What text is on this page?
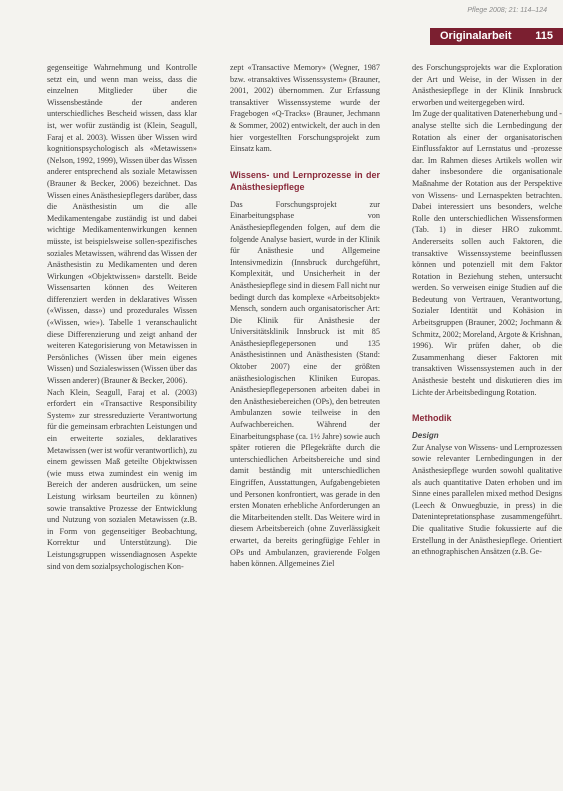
Pflege 2008; 21: 114–124
Originalarbeit 115

gegenseitige Wahrnehmung und Kontrolle setzt ein, und wenn man weiss, dass die einzelnen Mitglieder über die Wissensbestände der anderen unterschiedliches Bescheid wissen, dass klar ist, wer wofür zuständig ist (Klein, Seagull, Faraj et al. 2003). Wissen über Wissen wird kognitionspsychologisch als «Metawissen» (Nelson, 1992, 1999), Wissen über das Wissen anderer entsprechend als soziale Metawissen (Brauner & Becker, 2006) bezeichnet. Das Wissen eines Anästhesiepflegers darüber, dass die Anästhesistin um die alle Medikamentengabe zuständig ist und dabei wichtige Medikamentenwirkungen kennen müsste, ist beispielsweise sollen-spezifisches soziales Metawissen, während das Wissen der Anästhesistin zu Medikamenten und deren Wirkungen «Objektwissen» darstellt. Beide Wissensarten können des Weiteren differenziert werden in deklaratives Wissen («Wissen, dass») und prozedurales Wissen («Wissen, wie»). Tabelle 1 veranschaulicht diese Differenzierung und zeigt anhand der weiteren Kategorisierung von Metawissen in Persönliches (Wissen über mein eigenes Wissen) und Sozialeswissen (Wissen über das Wissen anderer) (Brauner & Becker, 2006).

Nach Klein, Seagull, Faraj et al. (2003) erfordert ein «Transactive Responsibility System» zur stressreduzierte Verantwortung für die gemeinsam erbrachten Leistungen und ein erweiterte soziales, deklaratives Metawissen (wer ist wofür verantwortlich), zu einem gewissen Maß geteilte Objektwissen (wie muss etwa zumindest ein wenig im Bereich der anderen ausdrücken, um seine Leistung wirksam beurteilen zu können) sowie transaktive Prozesse der Entwicklung und Nutzung von sozialen Metawissen (z.B. in Form von gegenseitiger Beobachtung, Korrektur und Unterstützung). Die Leistungsgruppen wissendiagnosen Aspekte sind von dem sozialpsychologischen Kon-

zept «Transactive Memory» (Wegner, 1987 bzw. «transaktives Wissenssystem» (Brauner, 2001, 2002) übernommen. Zur Erfassung transaktiver Wissenssysteme wurde der Fragebogen «Q-Tracks» (Brauner, Jechmann & Sommer, 2002) entwickelt, der auch in den hier vorgestellten Forschungsprojekt zum Einsatz kam.

Wissens- und Lernprozesse in der Anästhesiepflege

Das Forschungsprojekt zur Einarbeitungsphase von Anästhesiepflegenden folgen, auf dem die folgende Analyse basiert, wurde in der Klinik für Anästhesie und Allgemeine Intensivmedizin (Innsbruck durchgeführt, Komplexität, und Unsicherheit in der Anästhesiepflege sind in diesem Fall nicht nur bedingt durch das komplexe «Arbeitsobjekt» Mensch, sondern auch organisatorischer Art: Die Klinik für Anästhesie der Universitätsklinik Innsbruck ist mit 85 Anästhesiepflegepersonen und 135 Anästhesistinnen und Anästhesisten (Stand: Oktober 2007) eine der größten anästhesiologischen Kliniken Europas. Anästhesiepflegepersonen arbeiten dabei in den Anästhesiebereichen (OPs), den betreuten Ambulanzen sowie teilweise in den Aufwachbereichen. Während der Einarbeitungsphase (ca. 1½ Jahre) sowie auch später rotieren die Pflegekräfte durch die unterschiedlichen Arbeitsbereiche und sind damit beständig mit unterschiedlichen Eingriffen, Ausstattungen, Aufgabengebieten und Personen konfrontiert, was gerade in den ersten Monaten erhebliche Anforderungen an die Mitarbeitenden stellt. Das Weitere wird in diesem Arbeitsbereich (ohne Zuverlässigkeit erwartet, da bereits geringfügige Fehler in OPs und Ambulanzen, gravierende Folgen haben können. Allgemeines Ziel

des Forschungsprojekts war die Exploration der Art und Weise, in der Wissen in der Anästhesiepflege in der Klinik Innsbruck erworben und weitergegeben wird.

Im Zuge der qualitativen Datenerhebung und -analyse stellte sich die Lernbedingung der Rotation als einer der organisatorischen Einflussfaktor auf Lernstatus und -prozesse dar. Im Rahmen dieses Artikels wollen wir daher insbesondere die organisationale Maßnahme der Rotation aus der Perspektive von Wissens- und Lernaspekten betrachten. Dabei interessiert uns besonders, welche Rolle den unterschiedlichen Wissensformen (Tab. 1) in dieser HRO zukommt. Andererseits sollen auch Faktoren, die transaktive Wissenssysteme beeinflussen können und potenziell mit dem Faktor Rotation in Beziehung stehen, untersucht werden. So verweisen einige Studien auf die Bedeutung von Vertrauen, Verantwortung, Sozialer Identität und Kohäsion in Arbeitsgruppen (Brauner, 2002; Jochmann & Schmitz, 2002; Moreland, Argote & Krishnan, 1996). Wir prüfen daher, ob die Zusammenhang dieser Faktoren mit transaktiven Wissenssystemen auch in der Anästhesie besteht und diskutieren dies im Lichte der Arbeitsbedingung Rotation.

Methodik
Design

Zur Analyse von Wissens- und Lernprozessen sowie relevanter Lernbedingungen in der Anästhesiepflege wurden sowohl qualitative als auch quantitative Daten erhoben und im Sinne eines parallelen mixed method Designs (Leech & Onwuegbuzie, in press) in die Datenintepretationsphase zusammengeführt. Die qualitative Studie fokussierte auf die Erstellung in der Anästhesiepflege. Orientiert an ethnographischen Ansätzen (z.B. Ge-
